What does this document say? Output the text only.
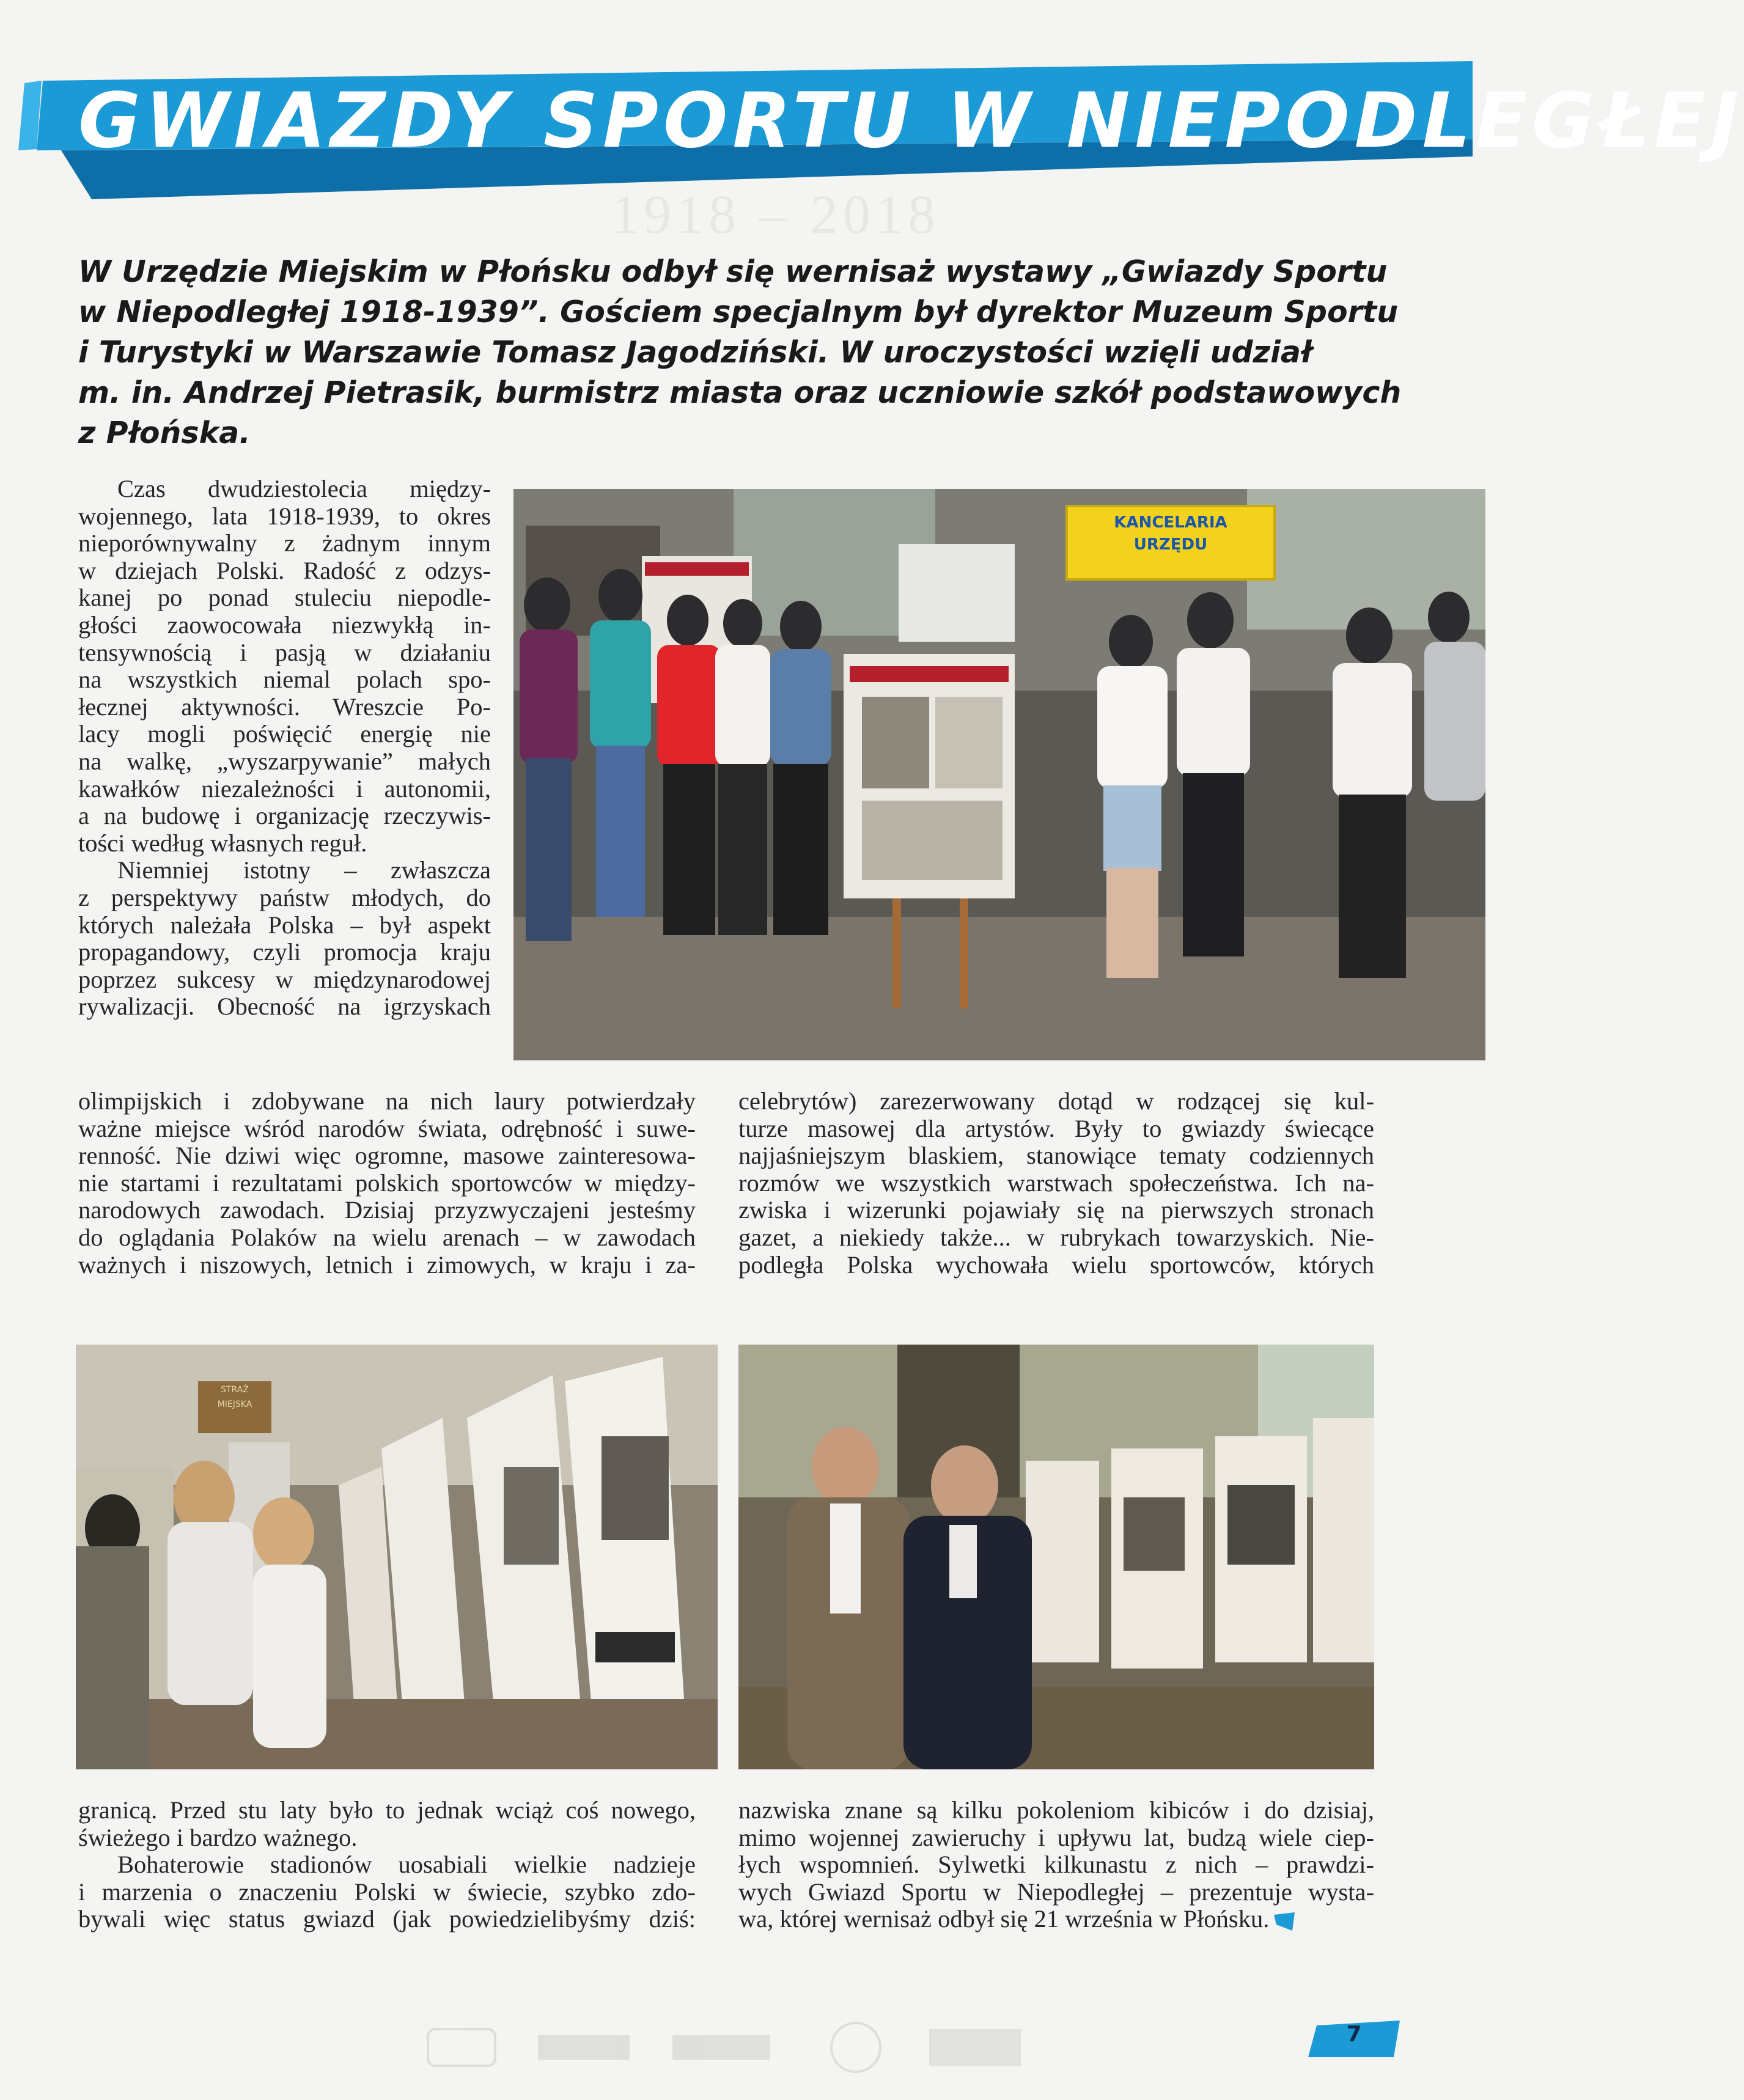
GWIAZDY SPORTU W NIEPODLEGŁEJ
1918 – 2018

W Urzędzie Miejskim w Płońsku odbył się wernisaż wystawy „Gwiazdy Sportu

w Niepodległej 1918-1939”. Gościem specjalnym był dyrektor Muzeum Sportu

i Turystyki w Warszawie Tomasz Jagodziński. W uroczystości wzięli udział

m. in. Andrzej Pietrasik, burmistrz miasta oraz uczniowie szkół podstawowych

z Płońska.

Czas dwudziestolecia między-

wojennego, lata 1918-1939, to okres

nieporównywalny z żadnym innym

w dziejach Polski. Radość z odzys-

kanej po ponad stuleciu niepodle-

głości zaowocowała niezwykłą in-

tensywnością i pasją w działaniu

na wszystkich niemal polach spo-

łecznej aktywności. Wreszcie Po-

lacy mogli poświęcić energię nie

na walkę, „wyszarpywanie” małych

kawałków niezależności i autonomii,

a na budowę i organizację rzeczywis-

tości według własnych reguł.

Niemniej istotny – zwłaszcza

z perspektywy państw młodych, do

których należała Polska – był aspekt

propagandowy, czyli promocja kraju

poprzez sukcesy w międzynarodowej

rywalizacji. Obecność na igrzyskach

KANCELARIA
URZĘDU

olimpijskich i zdobywane na nich laury potwierdzały

ważne miejsce wśród narodów świata, odrębność i suwe-

renność. Nie dziwi więc ogromne, masowe zainteresowa-

nie startami i rezultatami polskich sportowców w między-

narodowych zawodach. Dzisiaj przyzwyczajeni jesteśmy

do oglądania Polaków na wielu arenach – w zawodach

ważnych i niszowych, letnich i zimowych, w kraju i za-

celebrytów) zarezerwowany dotąd w rodzącej się kul-

turze masowej dla artystów. Były to gwiazdy świecące

najjaśniejszym blaskiem, stanowiące tematy codziennych

rozmów we wszystkich warstwach społeczeństwa. Ich na-

zwiska i wizerunki pojawiały się na pierwszych stronach

gazet, a niekiedy także... w rubrykach towarzyskich. Nie-

podległa Polska wychowała wielu sportowców, których

STRAŻ
MIEJSKA

granicą. Przed stu laty było to jednak wciąż coś nowego,

świeżego i bardzo ważnego.

Bohaterowie stadionów uosabiali wielkie nadzieje

i marzenia o znaczeniu Polski w świecie, szybko zdo-

bywali więc status gwiazd (jak powiedzielibyśmy dziś:

nazwiska znane są kilku pokoleniom kibiców i do dzisiaj,

mimo wojennej zawieruchy i upływu lat, budzą wiele ciep-

łych wspomnień. Sylwetki kilkunastu z nich – prawdzi-

wych Gwiazd Sportu w Niepodległej – prezentuje wysta-

wa, której wernisaż odbył się 21 września w Płońsku.

7
